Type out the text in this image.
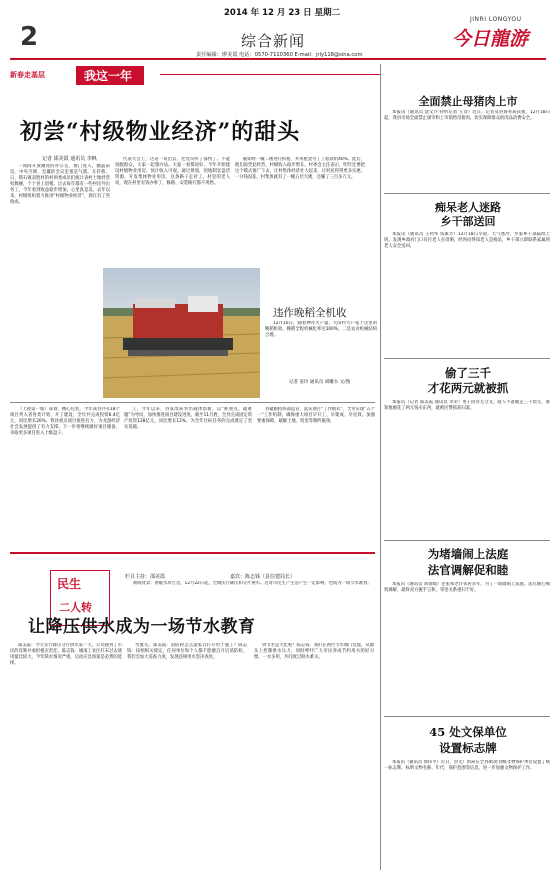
2014 年 12 月 23 日 星期二
2	综合新闻
JINRI LONGYOU
今日龍游
责任编辑：廖美霞 电话：0570-7110360 E-mail：jrly118@sina.com
新春走基层	我这一年
初尝“村级物业经济”的甜头
记者 邵美霞 通讯员 李枫

一间间开放敞亮的办公室，推门进入，幽晶彩电、中央空调、室藏的会议室很是气派。在阡桥，日，塔石镇双胜村的村两委成员们统计表村土地经营权数额，个个喜上眉梢。过去每年都有一些村民外出务工，今年看到收益稳步增加，心里真是美。去年以来，村级组织着力推进“村级物业经济”，现在有了些收成。

代表大会上，这话一说出去，老党员听了都愣了。不能说服群众，大家一起想办法。大家一看都说好，今年开始建设村级物业用房，预计收入可观。通过规划，因地制宜盘活资源，开发集体物业用房，这条路子走对了。村里的老人说，现在村里有钱办事了，修路、安装路灯都不用愁。

随即将一幢二楼进行拆租，并用租金付了工程款的40%。此后，他们再凭此经营，村级收入稳步增长。村委会主任表示，明年还要把这个模式推广下去，让村集体经济壮大起来，让村民得到更多实惠。一分钱没花，村集体就有了一幢五层大楼，还赚了三百多万元。

违作晚稻全机收

12月10日，随着神舟大产量，大田村大户基于这里的晚稻机收，晚稻全程机械化率达100%，二是农业机械结构合理。

记者 姜玲 通讯员 胡雕水 文/图

（上接第一版）谋划、精心包装，今年我县共有18个项目列入省各类计划，开工建设，全年共完成投资6.4亿元，同比增长20%。我县重点项目推进有力，为龙游经济社会发展提供了有力支撑。下一步将继续做好项目储备，争取更多项目进入上级盘子。

工，今年以来，县发改局突出载体创新，以“抓重点，破难题”为导向，加快推进项目建设进度。截至11月底，全县完成固定资产投资128亿元，同比增长12%，为全年目标任务的完成奠定了坚实基础。

县紧跟指挥部监管，落实项目“工作模式”，全市实现“五个一”工作机制，确保重大项目早开工、早建成、早见效。加强要素保障，破解土地、资金等制约瓶颈。

民生
二人转
栏目主持：邵美霞	嘉宾：陈志钱（县住建局长）

新闻背景：供暖水库告急，12月22日起，全城实行降压和分片供水。这对市民生产生活产生一定影响，也成为一场节水教育。

让降压供水成为一场节水教育

邵美霞：今天实行降压分片供水第一天，公司接到了市民的反映并承担相应责任。陈志钱：城南工业区红末过去使用量比较大，今年缺水情况严重，启动应急预案是必然的选择。

水流失。邵美霞：消防栓怎么能私自打开用于施工？陈志钱：按照相关规定，任何单位和个人都不能擅自开启消防栓，我们会加大巡查力度，发现违规用水坚决查处。

到节水是大化呢？陈志钱：我们在两台节水阀门装置，从源头上控制供水压力，同时呼吁广大市民养成节约用水的好习惯，一水多用，共同度过缺水难关。

全面禁止母猪肉上市

本报讯（通讯员 饶文兴 特约记者 王诗）近日，记者从县商务局获悉，12月18日起，我县市场全面禁止屠宰和上市销售母猪肉，切实保障群众的肉品消费安全。

痴呆老人迷路
乡干部送回

本报讯（通讯员 王利华 钱素芳）12月18日早晨，天气寒冷，罗家乡干部陆续上班，发现乡政府门口有位老人在徘徊，经询问得知老人是痴呆，乡干部立即联系家属将老人安全送回。

偷了三千
才花两元就被抓

本报讯（记者 邵美霞 通讯员 李荣）男子因身无分文，趁人不备偷走三千余元，谁知他刚花了两元钱买东西，就被民警抓获归案。

为堵墙闹上法庭
法官调解促和睦

本报讯（通讯员 蒋灿灿）老张和老许邻居多年，为了一堵墙闹上法庭。法官耐心细致调解，最终双方握手言和，邻里关系重归于好。

45 处文保单位
设置标志牌

本报讯（通讯员 郭伟平）近日，县文广新局在全县45处县级文物保护单位设置了统一标志牌，标明文物名称、年代、保护范围等信息，进一步加强文物保护工作。
